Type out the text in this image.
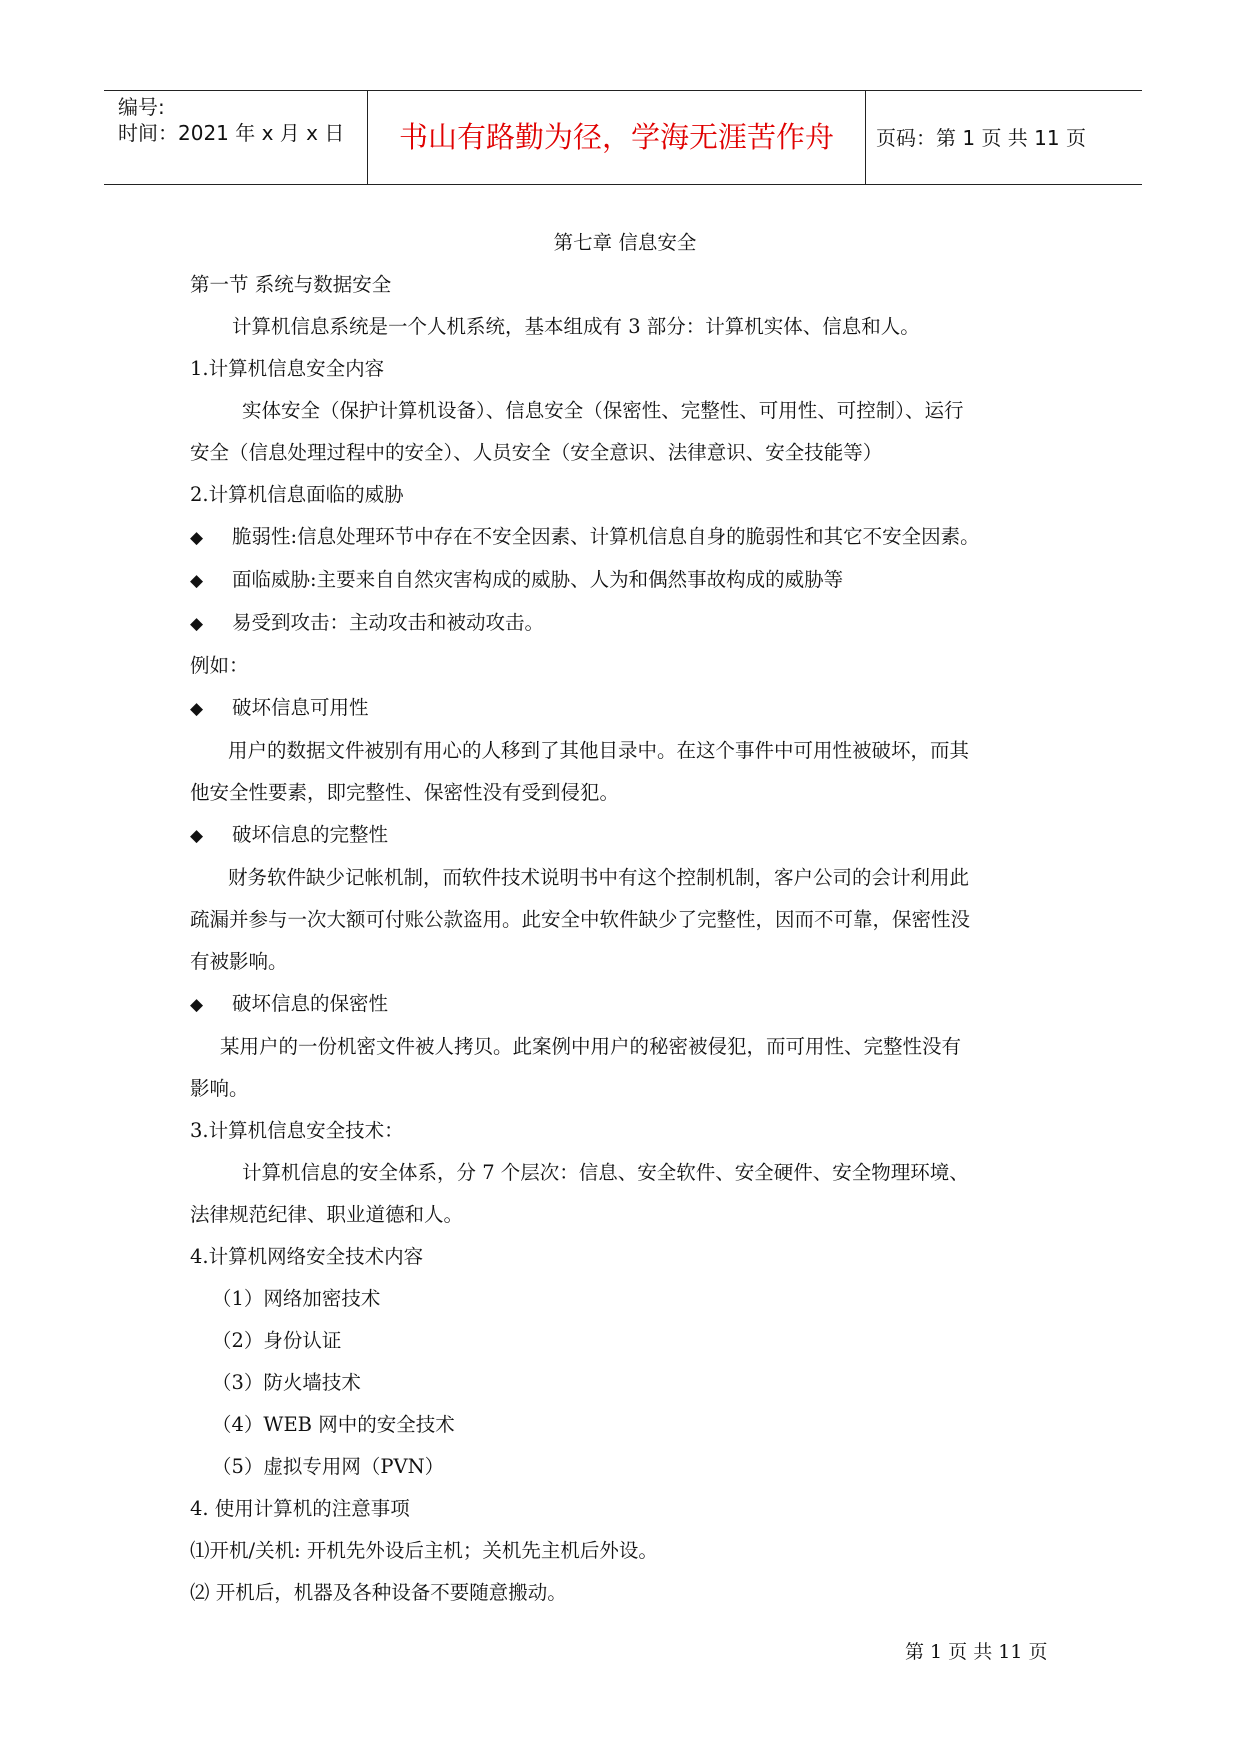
编号:
时间：2021 年 x 月 x 日	书山有路勤为径，学海无涯苦作舟	页码：第 1 页 共 11 页
第七章 信息安全
第一节 系统与数据安全
计算机信息系统是一个人机系统，基本组成有 3 部分：计算机实体、信息和人。
1.计算机信息安全内容
实体安全（保护计算机设备）、信息安全（保密性、完整性、可用性、可控制）、运行
安全（信息处理过程中的安全）、人员安全（安全意识、法律意识、安全技能等）
2.计算机信息面临的威胁
◆ 脆弱性:信息处理环节中存在不安全因素、计算机信息自身的脆弱性和其它不安全因素。
◆ 面临威胁:主要来自自然灾害构成的威胁、人为和偶然事故构成的威胁等
◆ 易受到攻击：主动攻击和被动攻击。
例如：
◆ 破坏信息可用性
用户的数据文件被别有用心的人移到了其他目录中。在这个事件中可用性被破坏，而其
他安全性要素，即完整性、保密性没有受到侵犯。
◆ 破坏信息的完整性
财务软件缺少记帐机制，而软件技术说明书中有这个控制机制，客户公司的会计利用此
疏漏并参与一次大额可付账公款盗用。此安全中软件缺少了完整性，因而不可靠，保密性没
有被影响。
◆ 破坏信息的保密性
某用户的一份机密文件被人拷贝。此案例中用户的秘密被侵犯，而可用性、完整性没有
影响。
3.计算机信息安全技术：
计算机信息的安全体系，分 7 个层次：信息、安全软件、安全硬件、安全物理环境、
法律规范纪律、职业道德和人。
4.计算机网络安全技术内容
（1）网络加密技术
（2）身份认证
（3）防火墙技术
（4）WEB 网中的安全技术
（5）虚拟专用网（PVN）
4. 使用计算机的注意事项
⑴开机/关机: 开机先外设后主机；关机先主机后外设。
⑵ 开机后，机器及各种设备不要随意搬动。
第 1 页 共 11 页
